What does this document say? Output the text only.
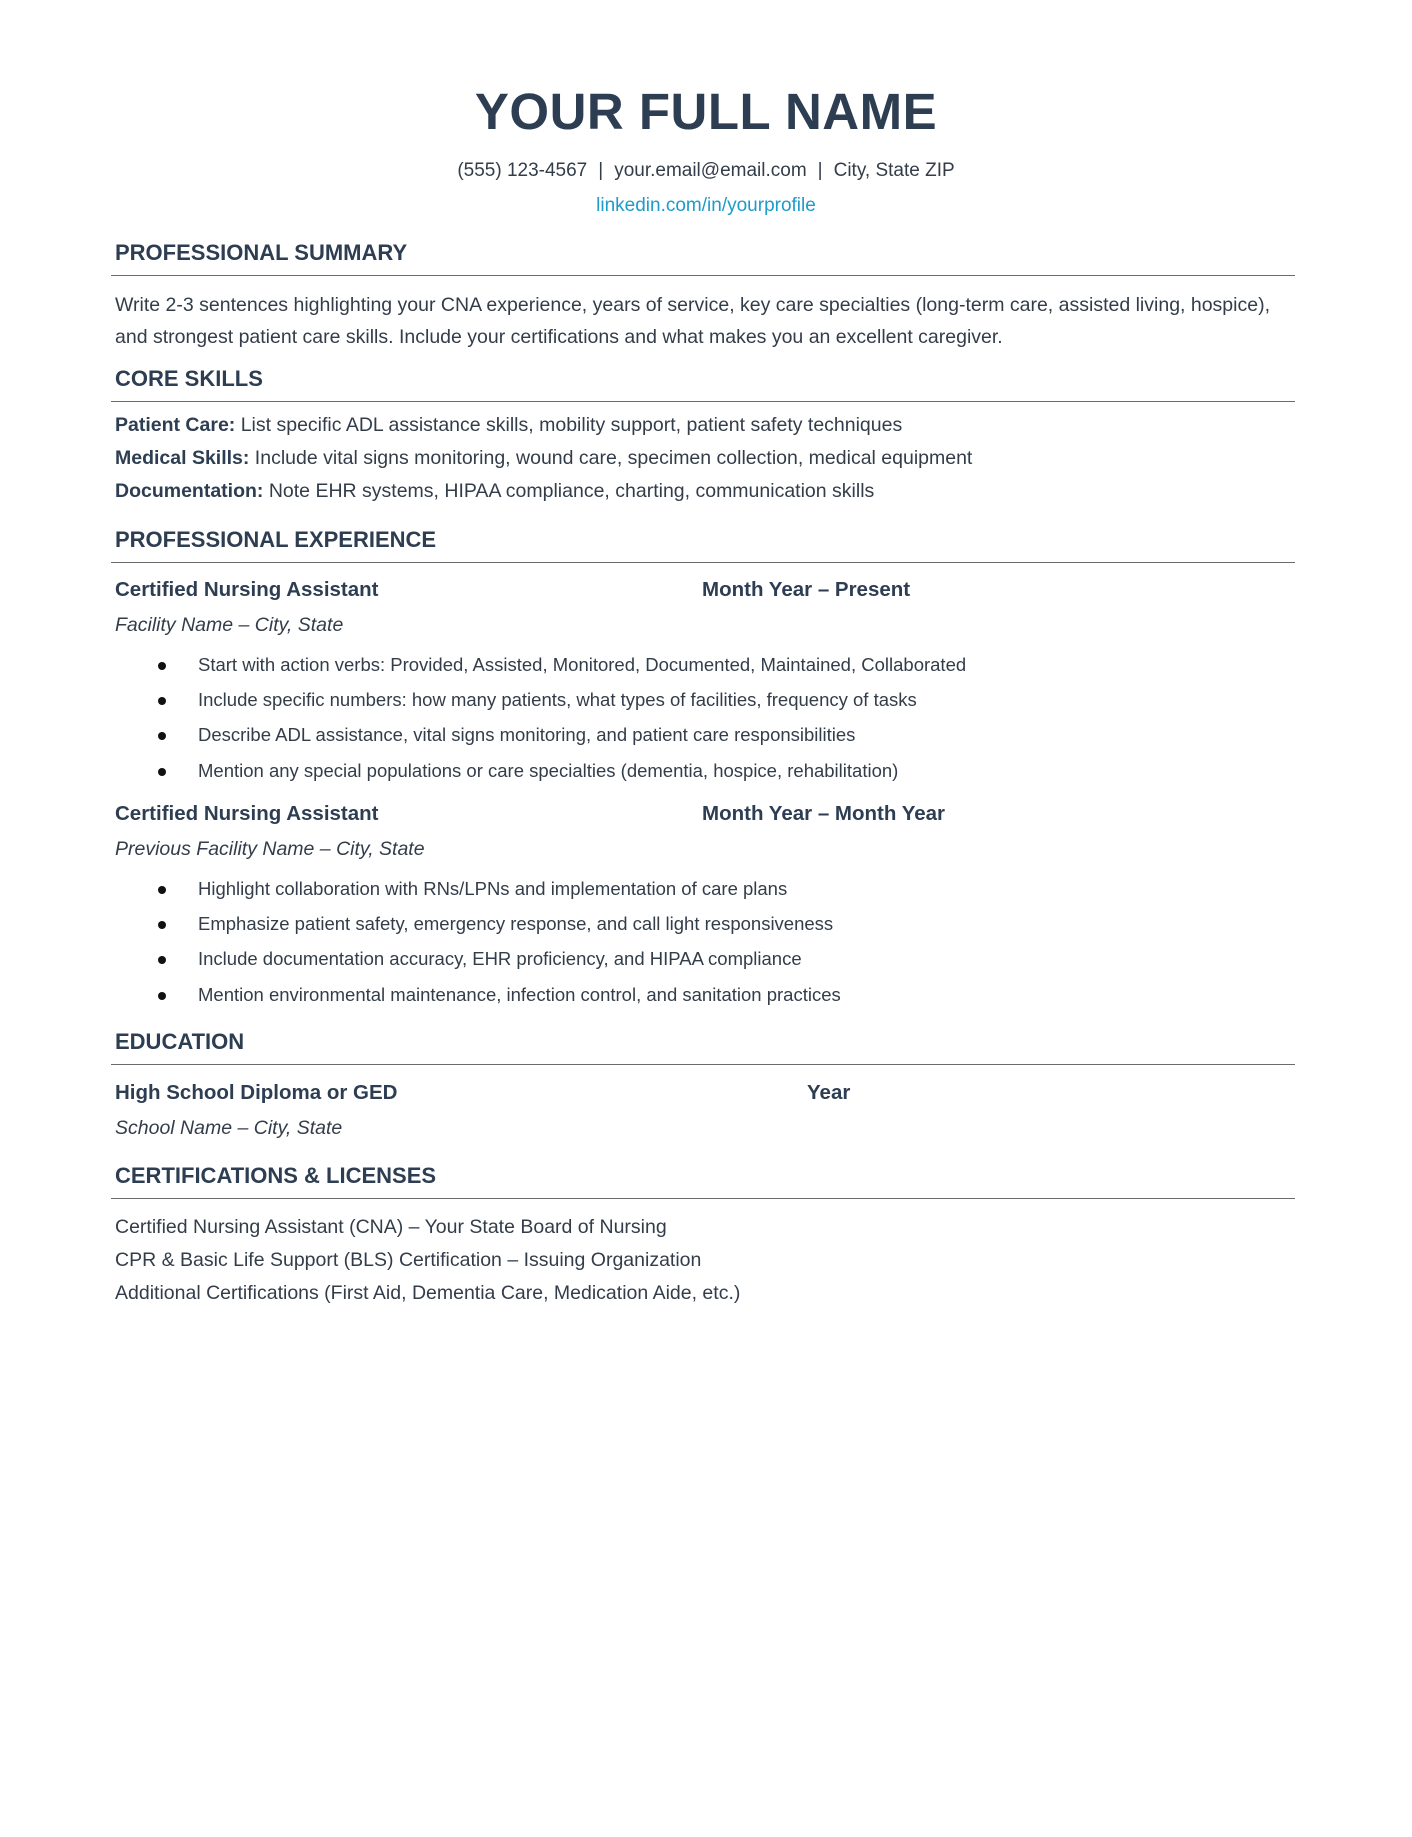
YOUR FULL NAME
(555) 123-4567 | your.email@email.com | City, State ZIP
linkedin.com/in/yourprofile
PROFESSIONAL SUMMARY
Write 2-3 sentences highlighting your CNA experience, years of service, key care specialties (long-term care, assisted living, hospice), and strongest patient care skills. Include your certifications and what makes you an excellent caregiver.
CORE SKILLS
Patient Care: List specific ADL assistance skills, mobility support, patient safety techniques
Medical Skills: Include vital signs monitoring, wound care, specimen collection, medical equipment
Documentation: Note EHR systems, HIPAA compliance, charting, communication skills
PROFESSIONAL EXPERIENCE
Certified Nursing Assistant	Month Year – Present
Facility Name – City, State
Start with action verbs: Provided, Assisted, Monitored, Documented, Maintained, Collaborated
Include specific numbers: how many patients, what types of facilities, frequency of tasks
Describe ADL assistance, vital signs monitoring, and patient care responsibilities
Mention any special populations or care specialties (dementia, hospice, rehabilitation)
Certified Nursing Assistant	Month Year – Month Year
Previous Facility Name – City, State
Highlight collaboration with RNs/LPNs and implementation of care plans
Emphasize patient safety, emergency response, and call light responsiveness
Include documentation accuracy, EHR proficiency, and HIPAA compliance
Mention environmental maintenance, infection control, and sanitation practices
EDUCATION
High School Diploma or GED	Year
School Name – City, State
CERTIFICATIONS & LICENSES
Certified Nursing Assistant (CNA) – Your State Board of Nursing
CPR & Basic Life Support (BLS) Certification – Issuing Organization
Additional Certifications (First Aid, Dementia Care, Medication Aide, etc.)
